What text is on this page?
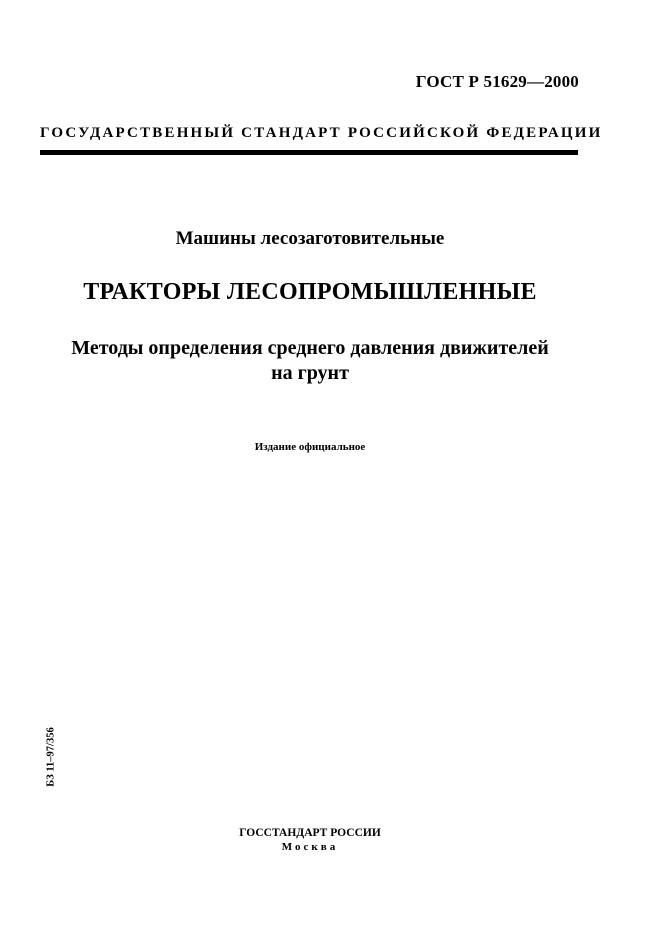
ГОСТ Р 51629—2000
ГОСУДАРСТВЕННЫЙ СТАНДАРТ РОССИЙСКОЙ ФЕДЕРАЦИИ
Машины лесозаготовительные
ТРАКТОРЫ ЛЕСОПРОМЫШЛЕННЫЕ
Методы определения среднего давления движителей
на грунт
Издание официальное
БЗ 11–97/356
ГОССТАНДАРТ РОССИИ
Москва
